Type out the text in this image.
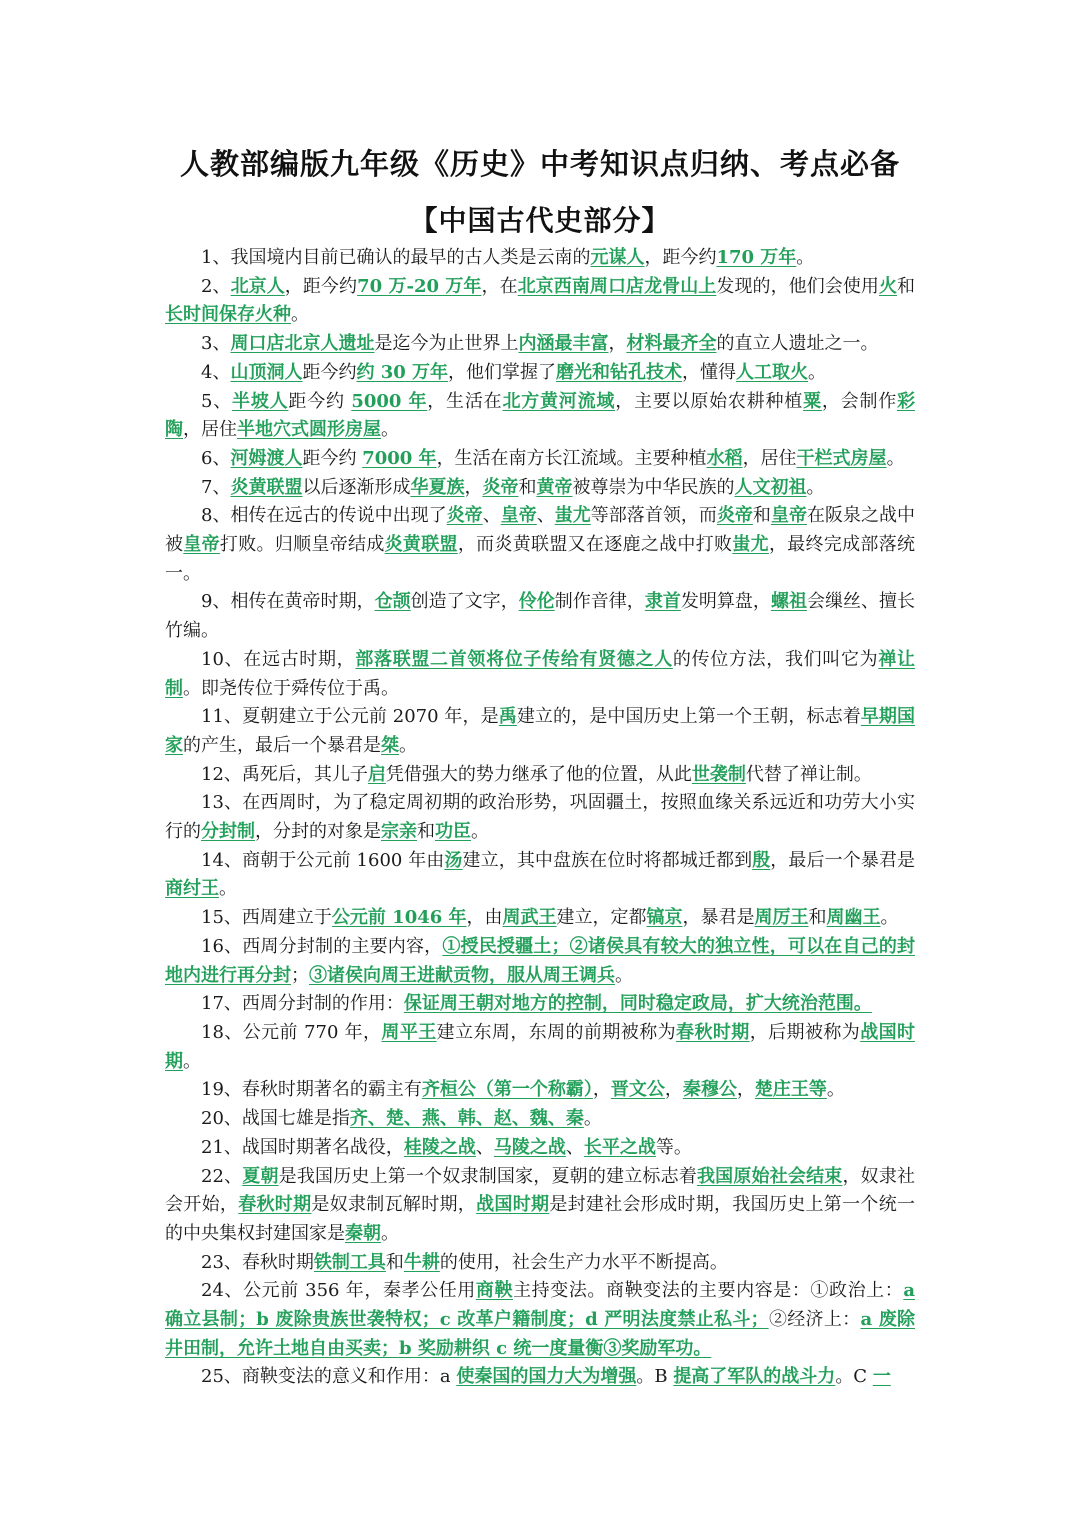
人教部编版九年级《历史》中考知识点归纳、考点必备
【中国古代史部分】

1、我国境内目前已确认的最早的古人类是云南的元谋人，距今约170 万年。

2、北京人，距今约70 万-20 万年，在北京西南周口店龙骨山上发现的，他们会使用火和长时间保存火种。

3、周口店北京人遗址是迄今为止世界上内涵最丰富，材料最齐全的直立人遗址之一。

4、山顶洞人距今约约 30 万年，他们掌握了磨光和钻孔技术，懂得人工取火。

5、半坡人距今约 5000 年，生活在北方黄河流域，主要以原始农耕种植粟，会制作彩陶，居住半地穴式圆形房屋。

6、河姆渡人距今约 7000 年，生活在南方长江流域。主要种植水稻，居住干栏式房屋。

7、炎黄联盟以后逐渐形成华夏族，炎帝和黄帝被尊崇为中华民族的人文初祖。

8、相传在远古的传说中出现了炎帝、皇帝、蚩尤等部落首领，而炎帝和皇帝在阪泉之战中被皇帝打败。归顺皇帝结成炎黄联盟，而炎黄联盟又在逐鹿之战中打败蚩尤，最终完成部落统一。

9、相传在黄帝时期，仓颉创造了文字，伶伦制作音律，隶首发明算盘，螺祖会缫丝、擅长竹编。

10、在远古时期，部落联盟二首领将位子传给有贤德之人的传位方法，我们叫它为禅让制。即尧传位于舜传位于禹。

11、夏朝建立于公元前 2070 年，是禹建立的，是中国历史上第一个王朝，标志着早期国家的产生，最后一个暴君是桀。

12、禹死后，其儿子启凭借强大的势力继承了他的位置，从此世袭制代替了禅让制。

13、在西周时，为了稳定周初期的政治形势，巩固疆土，按照血缘关系远近和功劳大小实行的分封制，分封的对象是宗亲和功臣。

14、商朝于公元前 1600 年由汤建立，其中盘族在位时将都城迁都到殷，最后一个暴君是商纣王。

15、西周建立于公元前 1046 年，由周武王建立，定都镐京，暴君是周厉王和周幽王。

16、西周分封制的主要内容，①授民授疆土；②诸侯具有较大的独立性，可以在自己的封地内进行再分封；③诸侯向周王进献贡物，服从周王调兵。

17、西周分封制的作用：保证周王朝对地方的控制，同时稳定政局，扩大统治范围。

18、公元前 770 年，周平王建立东周，东周的前期被称为春秋时期，后期被称为战国时期。

19、春秋时期著名的霸主有齐桓公（第一个称霸），晋文公，秦穆公，楚庄王等。

20、战国七雄是指齐、楚、燕、韩、赵、魏、秦。

21、战国时期著名战役，桂陵之战、马陵之战、长平之战等。

22、夏朝是我国历史上第一个奴隶制国家，夏朝的建立标志着我国原始社会结束，奴隶社会开始，春秋时期是奴隶制瓦解时期，战国时期是封建社会形成时期，我国历史上第一个统一的中央集权封建国家是秦朝。

23、春秋时期铁制工具和牛耕的使用，社会生产力水平不断提高。

24、公元前 356 年，秦孝公任用商鞅主持变法。商鞅变法的主要内容是：①政治上：a 确立县制；b 废除贵族世袭特权；c 改革户籍制度；d 严明法度禁止私斗；②经济上：a 废除井田制，允许土地自由买卖；b 奖励耕织 c 统一度量衡③奖励军功。

25、商鞅变法的意义和作用：a 使秦国的国力大为增强。B 提高了军队的战斗力。C 一
